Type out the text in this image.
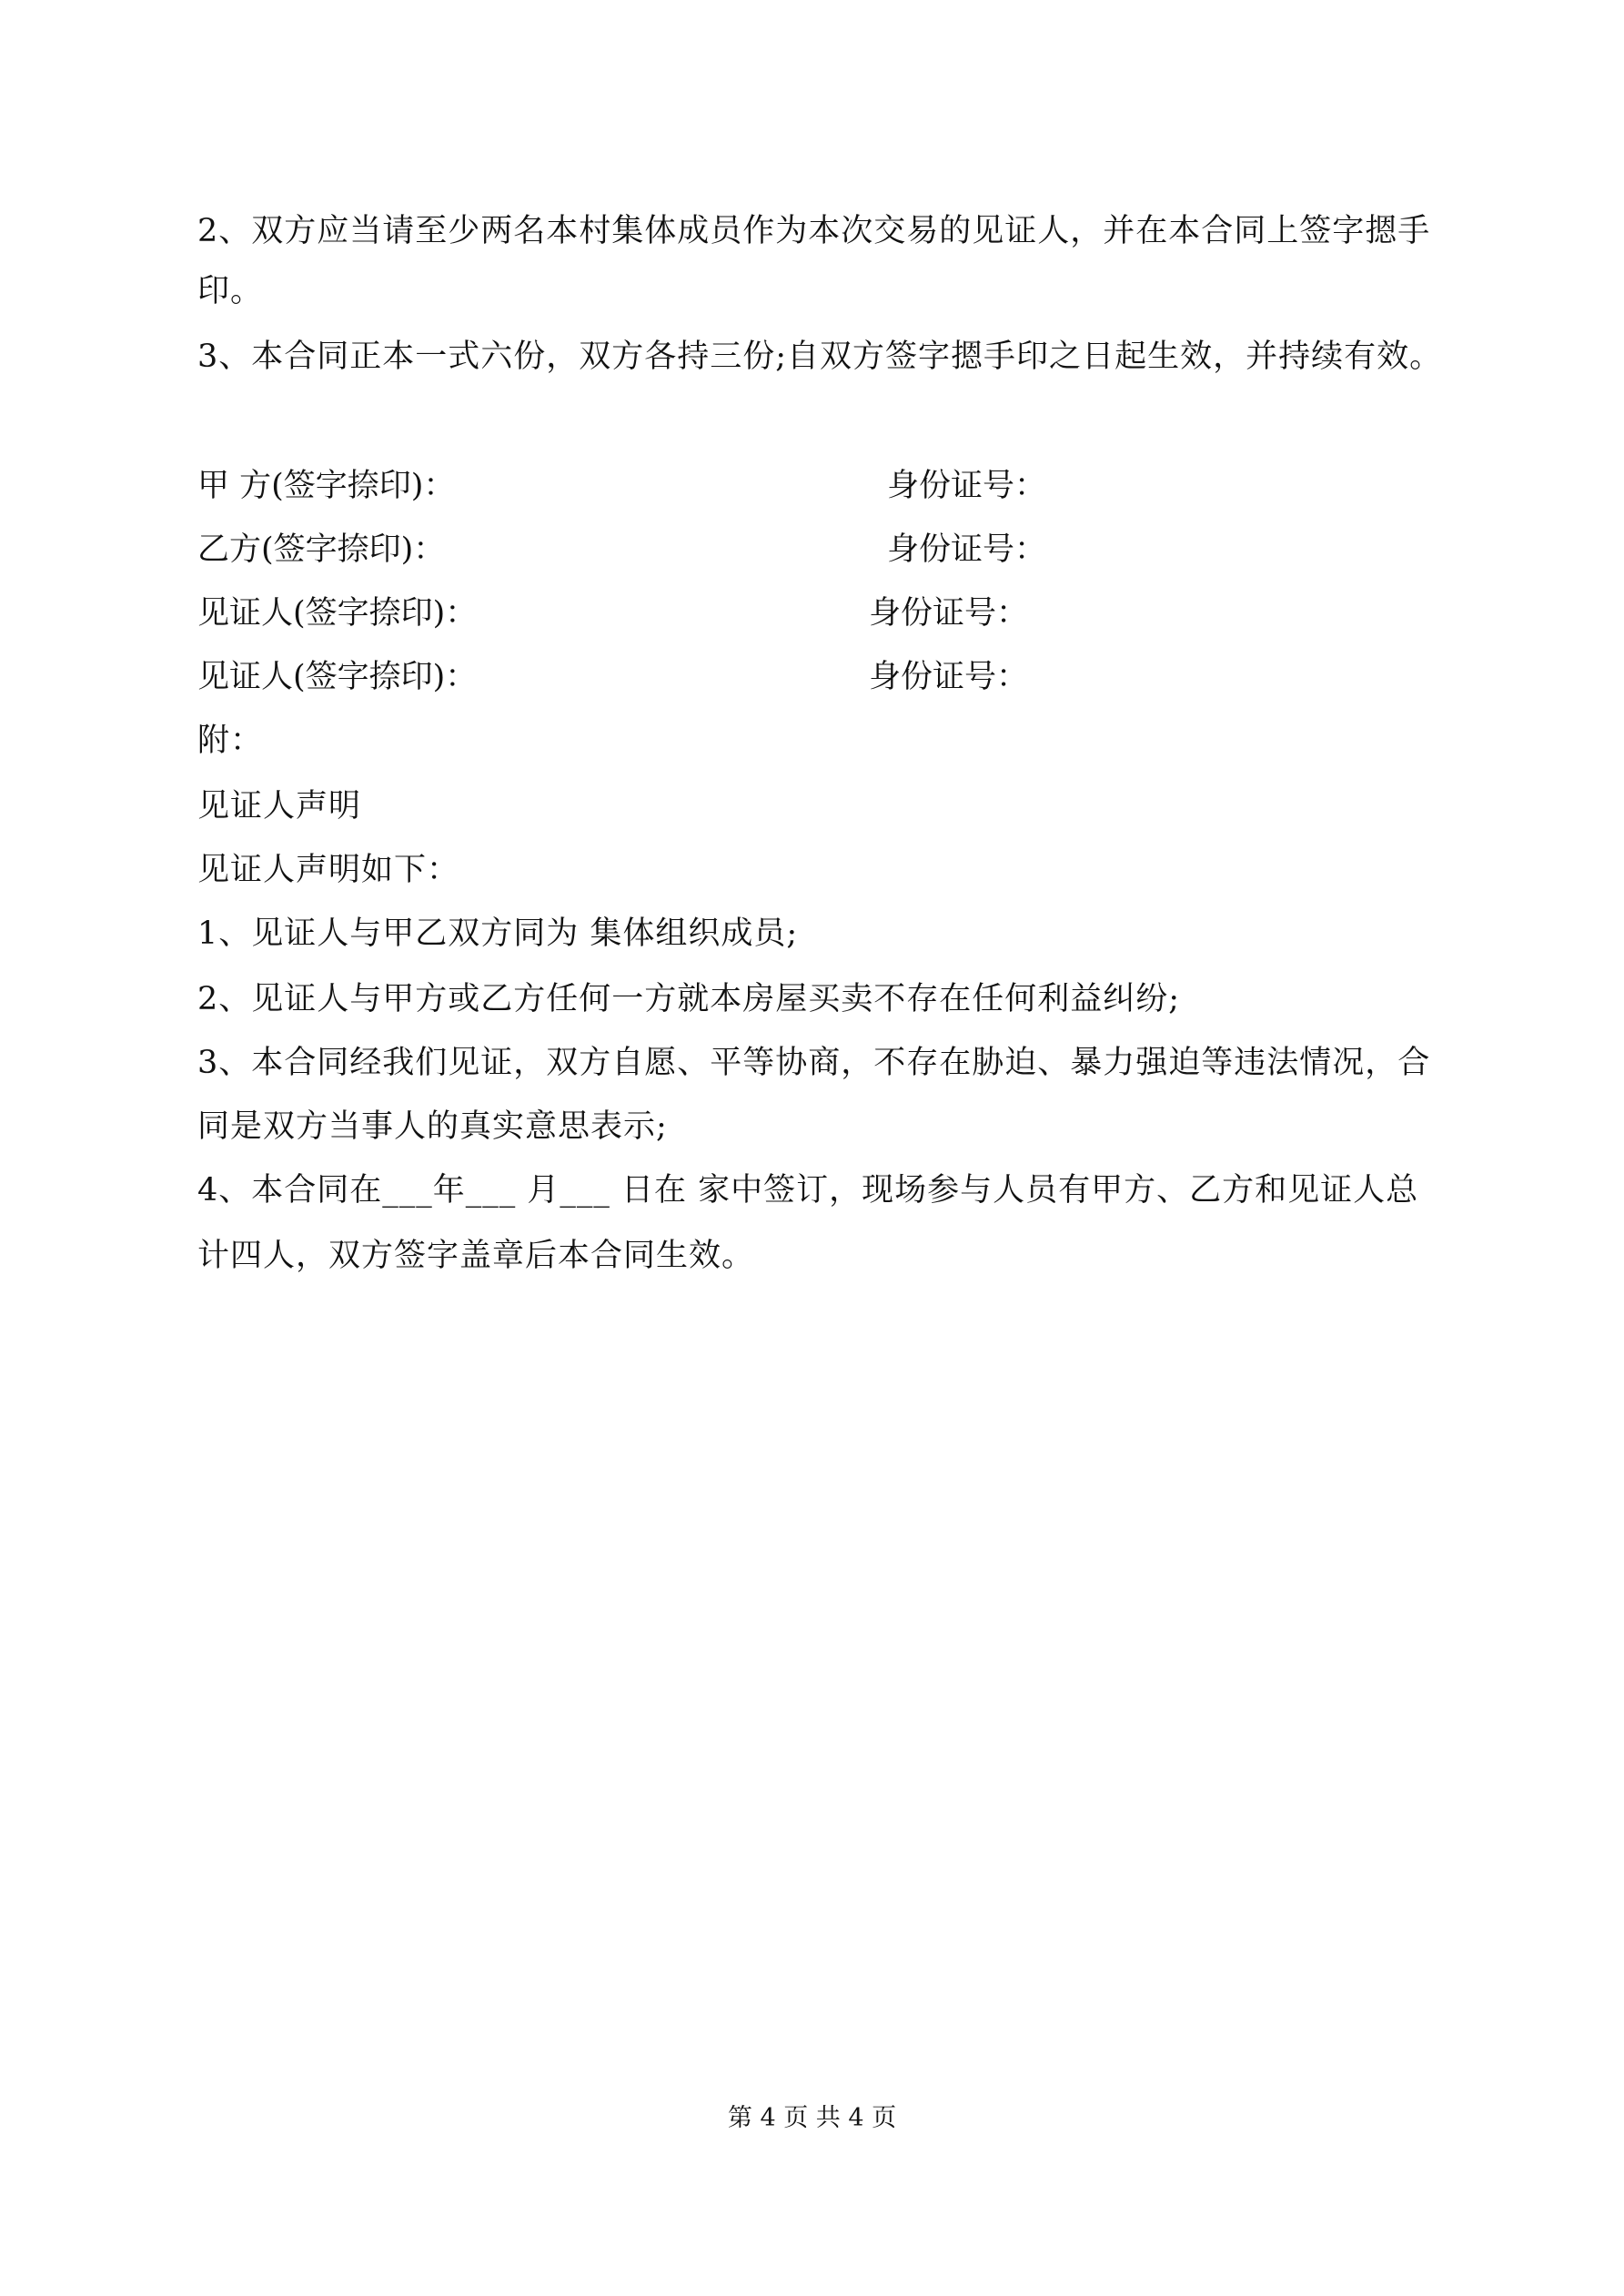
2、双方应当请至少两名本村集体成员作为本次交易的见证人，并在本合同上签字摁手
印。
3、本合同正本一式六份，双方各持三份;自双方签字摁手印之日起生效，并持续有效。
甲 方(签字捺印)：	身份证号：
乙方(签字捺印)：	身份证号：
见证人(签字捺印)：	身份证号：
见证人(签字捺印)：	身份证号：
附：
见证人声明
见证人声明如下：
1、见证人与甲乙双方同为 集体组织成员;
2、见证人与甲方或乙方任何一方就本房屋买卖不存在任何利益纠纷;
3、本合同经我们见证，双方自愿、平等协商，不存在胁迫、暴力强迫等违法情况，合
同是双方当事人的真实意思表示;
4、本合同在___年___ 月___ 日在 家中签订，现场参与人员有甲方、乙方和见证人总
计四人，双方签字盖章后本合同生效。
第 4 页 共 4 页
